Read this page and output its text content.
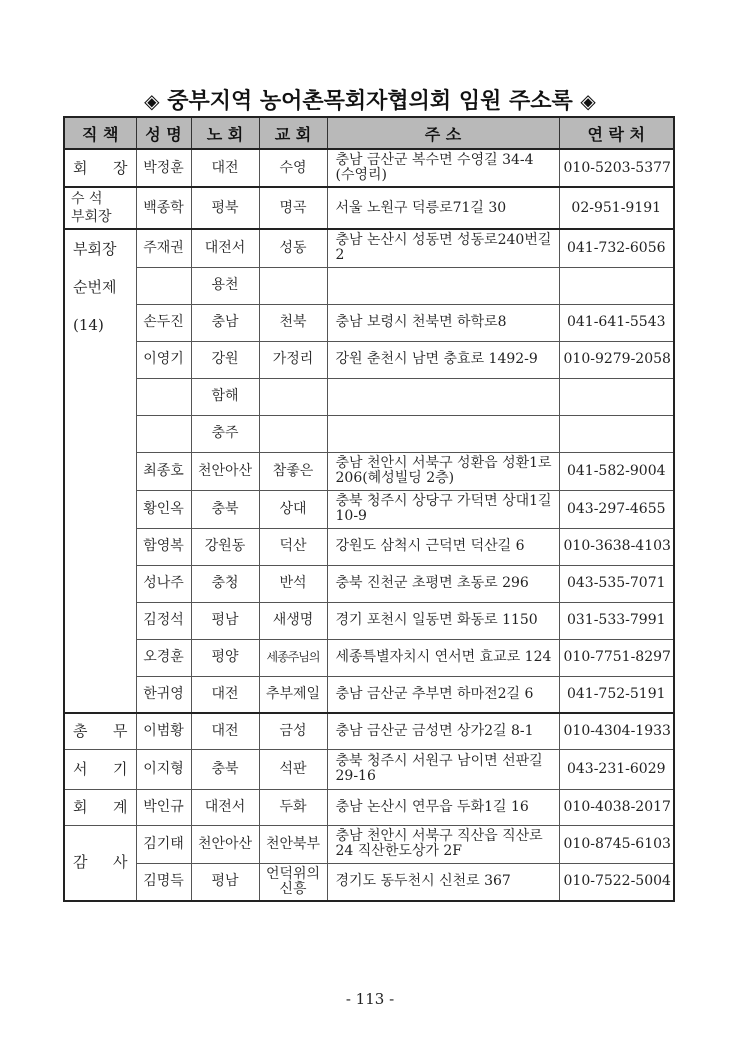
◈ 중부지역 농어촌목회자협의회 임원 주소록 ◈
직 책	성 명	노 회	교 회	주 소	연 락 처
회 장	박정훈	대전	수영	충남 금산군 복수면 수영길 34-4 (수영리)	010-5203-5377

수 석
부회장	백종학	평북	명곡	서울 노원구 덕릉로71길 30	02-951-9191

부회장
순번제
(14)	주재권	대전서	성동	충남 논산시 성동면 성동로240번길 2	041-732-6056
		용천			
	손두진	충남	천북	충남 보령시 천북면 하학로8	041-641-5543
	이영기	강원	가정리	강원 춘천시 남면 충효로 1492-9	010-9279-2058
		함해			
		충주			
	최종호	천안아산	참좋은	충남 천안시 서북구 성환읍 성환1로 206(혜성빌딩 2층)	041-582-9004
	황인옥	충북	상대	충북 청주시 상당구 가덕면 상대1길 10-9	043-297-4655
	함영복	강원동	덕산	강원도 삼척시 근덕면 덕산길 6	010-3638-4103
	성나주	충청	반석	충북 진천군 초평면 초동로 296	043-535-7071
	김정석	평남	새생명	경기 포천시 일동면 화동로 1150	031-533-7991
	오경훈	평양	세종주님의	세종특별자치시 연서면 효교로 124	010-7751-8297
	한귀영	대전	추부제일	충남 금산군 추부면 하마전2길 6	041-752-5191
총 무	이범황	대전	금성	충남 금산군 금성면 상가2길 8-1	010-4304-1933
서 기	이지형	충북	석판	충북 청주시 서원구 남이면 선판길 29-16	043-231-6029
회 계	박인규	대전서	두화	충남 논산시 연무읍 두화1길 16	010-4038-2017
감 사	김기태	천안아산	천안북부	충남 천안시 서북구 직산읍 직산로 24 직산한도상가 2F	010-8745-6103
	김명득	평남	언덕위의 신흥	경기도 동두천시 신천로 367	010-7522-5004
- 113 -
